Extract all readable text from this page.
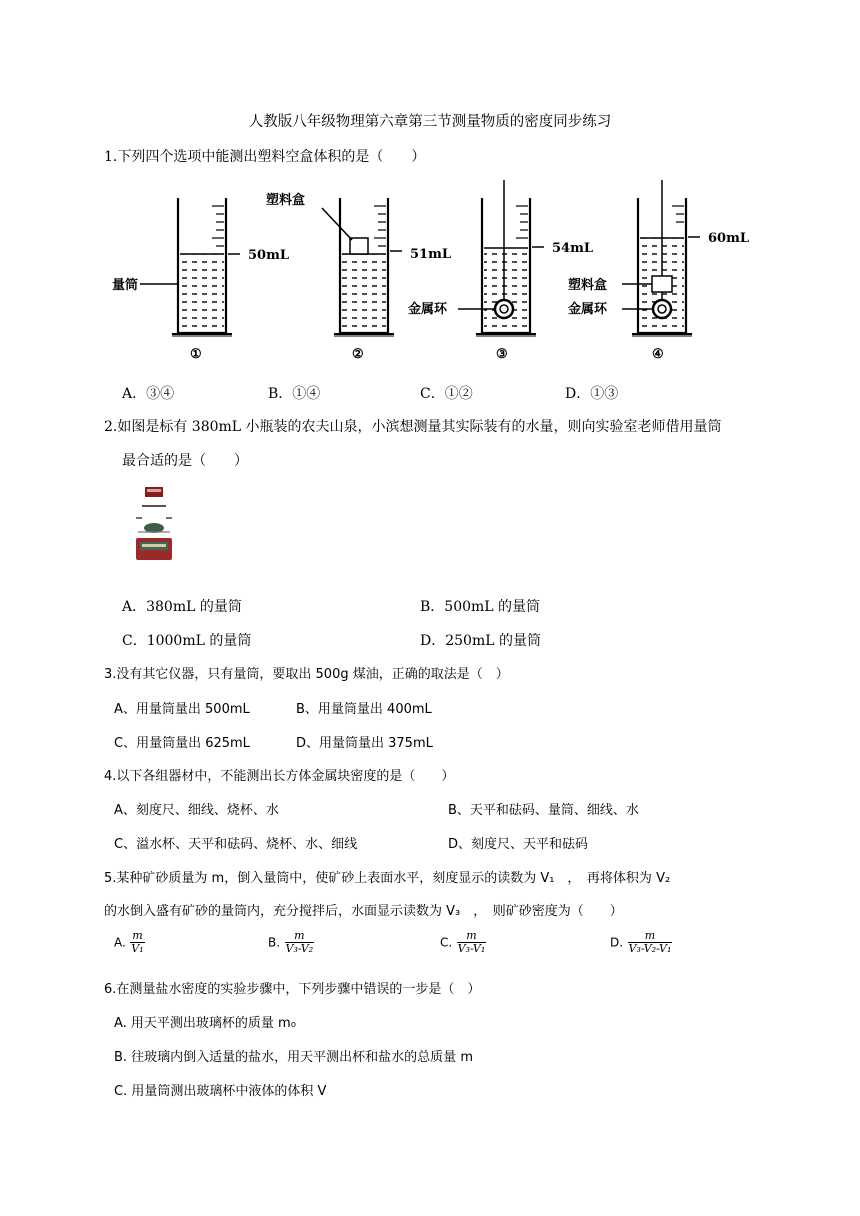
人教版八年级物理第六章第三节测量物质的密度同步练习
1.下列四个选项中能测出塑料空盒体积的是（　　）
50mL
量筒
①
51mL
塑料盒
②
54mL
金属环
③
60mL
塑料盒
金属环
④
A．③④	B．①④	C．①②	D．①③
2.如图是标有 380mL 小瓶装的农夫山泉，小滨想测量其实际装有的水量，则向实验室老师借用量筒
最合适的是（　　）
A．380mL 的量筒	B．500mL 的量筒
C．1000mL 的量筒	D．250mL 的量筒
3.没有其它仪器，只有量筒，要取出 500g 煤油，正确的取法是（　）
A、用量筒量出 500mL	B、用量筒量出 400mL
C、用量筒量出 625mL	D、用量筒量出 375mL
4.以下各组器材中，不能测出长方体金属块密度的是（　　）
A、刻度尺、细线、烧杯、水	B、天平和砝码、量筒、细线、水
C、溢水杯、天平和砝码、烧杯、水、细线	D、刻度尺、天平和砝码
5.某种矿砂质量为 m，倒入量筒中，使矿砂上表面水平，刻度显示的读数为 V₁　，　再将体积为 V₂
的水倒入盛有矿砂的量筒内，充分搅拌后，水面显示读数为 V₃　，　则矿砂密度为（　　）
A. $\frac{m}{\text{V₁}}$	B. $\frac{m}{\text{V₃-V₂}}$	C. $\frac{m}{\text{V₃-V₁}}$	D. $\frac{m}{\text{V₃-V₂-V₁}}$
6.在测量盐水密度的实验步骤中，下列步骤中错误的一步是（　）
A. 用天平测出玻璃杯的质量 m₀
B. 往玻璃内倒入适量的盐水，用天平测出杯和盐水的总质量 m
C. 用量筒测出玻璃杯中液体的体积 V
